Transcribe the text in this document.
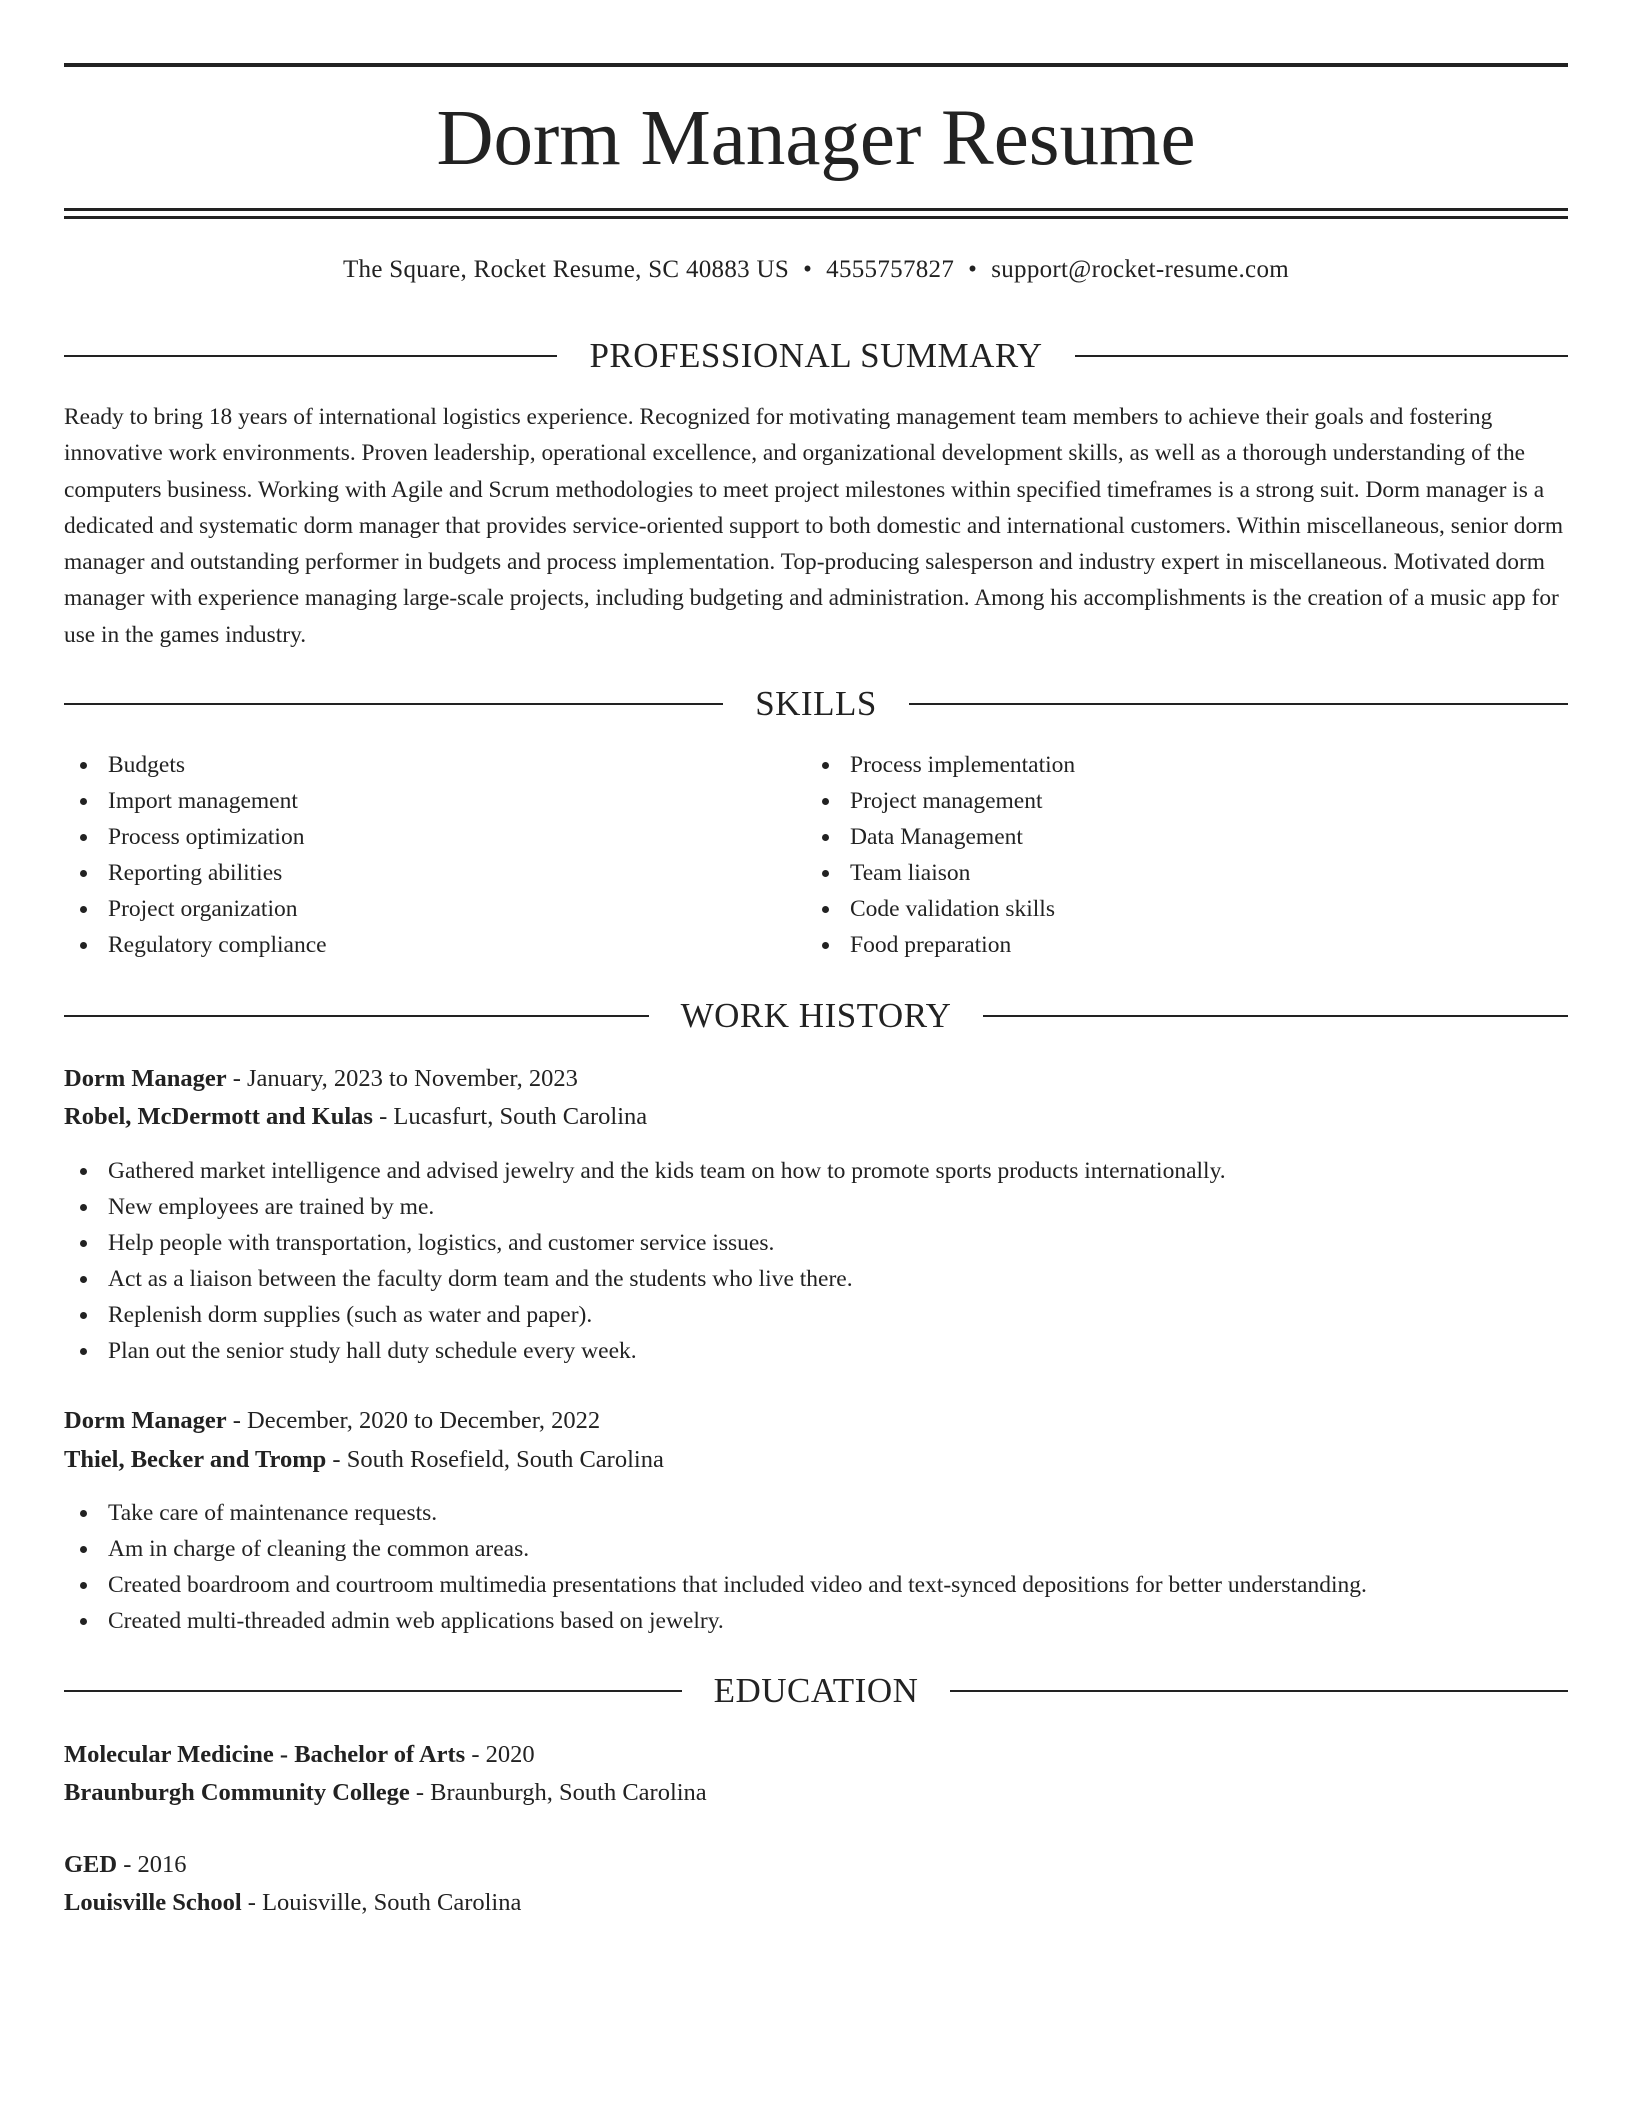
Dorm Manager Resume
The Square, Rocket Resume, SC 40883 US • 4555757827 • support@rocket-resume.com
PROFESSIONAL SUMMARY

Ready to bring 18 years of international logistics experience. Recognized for motivating management team members to achieve their goals and fostering innovative work environments. Proven leadership, operational excellence, and organizational development skills, as well as a thorough understanding of the computers business. Working with Agile and Scrum methodologies to meet project milestones within specified timeframes is a strong suit. Dorm manager is a dedicated and systematic dorm manager that provides service-oriented support to both domestic and international customers. Within miscellaneous, senior dorm manager and outstanding performer in budgets and process implementation. Top-producing salesperson and industry expert in miscellaneous. Motivated dorm manager with experience managing large-scale projects, including budgeting and administration. Among his accomplishments is the creation of a music app for use in the games industry.

SKILLS
Budgets
Import management
Process optimization
Reporting abilities
Project organization
Regulatory compliance
Process implementation
Project management
Data Management
Team liaison
Code validation skills
Food preparation
WORK HISTORY
Dorm Manager - January, 2023 to November, 2023
Robel, McDermott and Kulas - Lucasfurt, South Carolina
Gathered market intelligence and advised jewelry and the kids team on how to promote sports products internationally.
New employees are trained by me.
Help people with transportation, logistics, and customer service issues.
Act as a liaison between the faculty dorm team and the students who live there.
Replenish dorm supplies (such as water and paper).
Plan out the senior study hall duty schedule every week.
Dorm Manager - December, 2020 to December, 2022
Thiel, Becker and Tromp - South Rosefield, South Carolina
Take care of maintenance requests.
Am in charge of cleaning the common areas.
Created boardroom and courtroom multimedia presentations that included video and text-synced depositions for better understanding.
Created multi-threaded admin web applications based on jewelry.
EDUCATION
Molecular Medicine - Bachelor of Arts - 2020
Braunburgh Community College - Braunburgh, South Carolina
GED - 2016
Louisville School - Louisville, South Carolina
